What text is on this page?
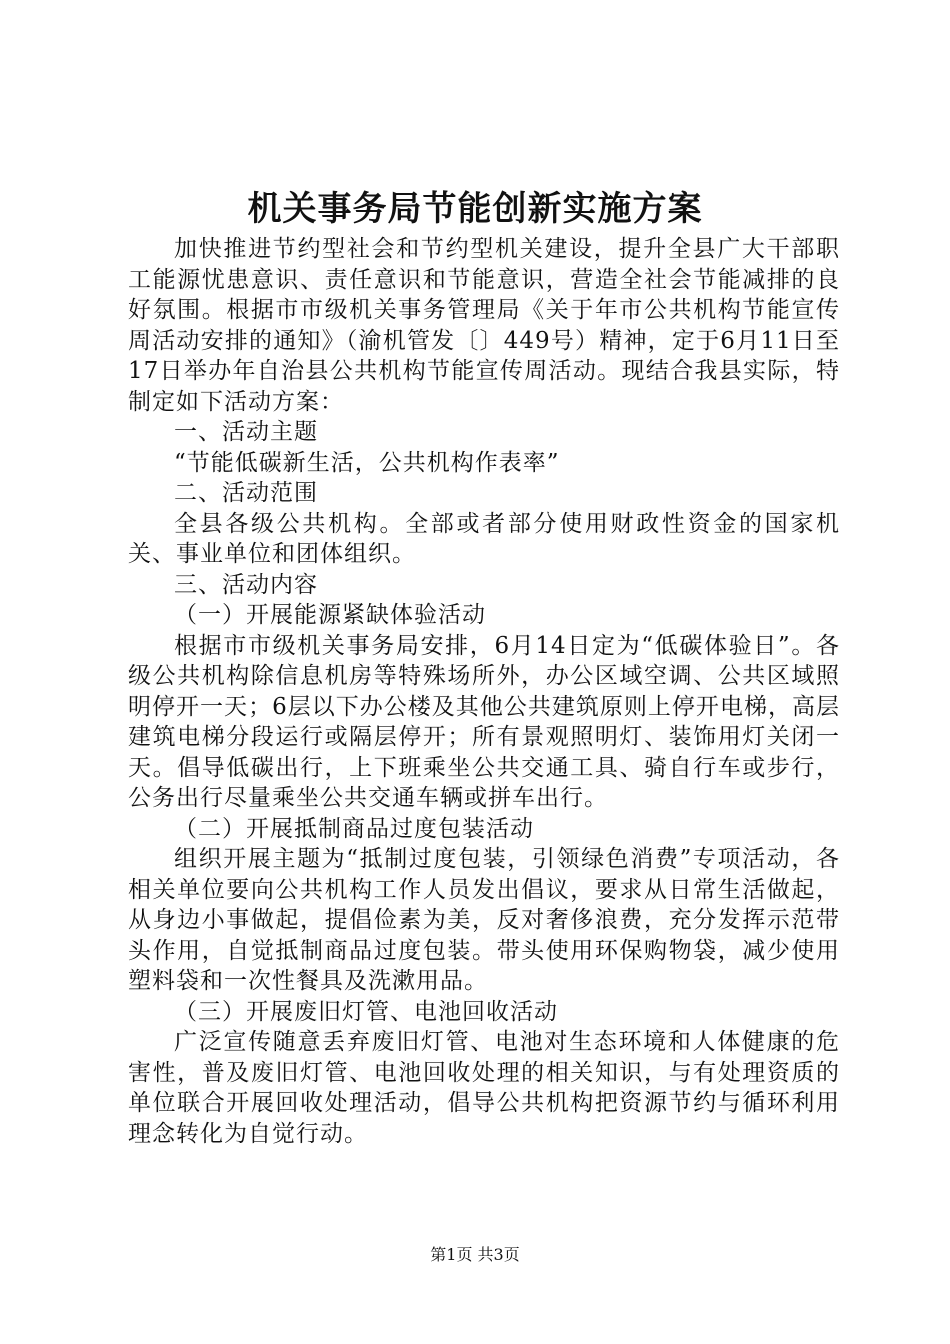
机关事务局节能创新实施方案

加快推进节约型社会和节约型机关建设，提升全县广大干部职工能源忧患意识、责任意识和节能意识，营造全社会节能减排的良好氛围。根据市市级机关事务管理局《关于年市公共机构节能宣传周活动安排的通知》（渝机管发〔〕449号）精神，定于6月11日至17日举办年自治县公共机构节能宣传周活动。现结合我县实际，特制定如下活动方案：

一、活动主题

“节能低碳新生活，公共机构作表率”

二、活动范围

全县各级公共机构。全部或者部分使用财政性资金的国家机关、事业单位和团体组织。

三、活动内容

（一）开展能源紧缺体验活动

根据市市级机关事务局安排，6月14日定为“低碳体验日”。各级公共机构除信息机房等特殊场所外，办公区域空调、公共区域照明停开一天；6层以下办公楼及其他公共建筑原则上停开电梯，高层建筑电梯分段运行或隔层停开；所有景观照明灯、装饰用灯关闭一天。倡导低碳出行，上下班乘坐公共交通工具、骑自行车或步行，公务出行尽量乘坐公共交通车辆或拼车出行。

（二）开展抵制商品过度包装活动

组织开展主题为“抵制过度包装，引领绿色消费”专项活动，各相关单位要向公共机构工作人员发出倡议，要求从日常生活做起，从身边小事做起，提倡俭素为美，反对奢侈浪费，充分发挥示范带头作用，自觉抵制商品过度包装。带头使用环保购物袋，减少使用塑料袋和一次性餐具及洗漱用品。

（三）开展废旧灯管、电池回收活动

广泛宣传随意丢弃废旧灯管、电池对生态环境和人体健康的危害性，普及废旧灯管、电池回收处理的相关知识，与有处理资质的单位联合开展回收处理活动，倡导公共机构把资源节约与循环利用理念转化为自觉行动。

第1页 共3页
